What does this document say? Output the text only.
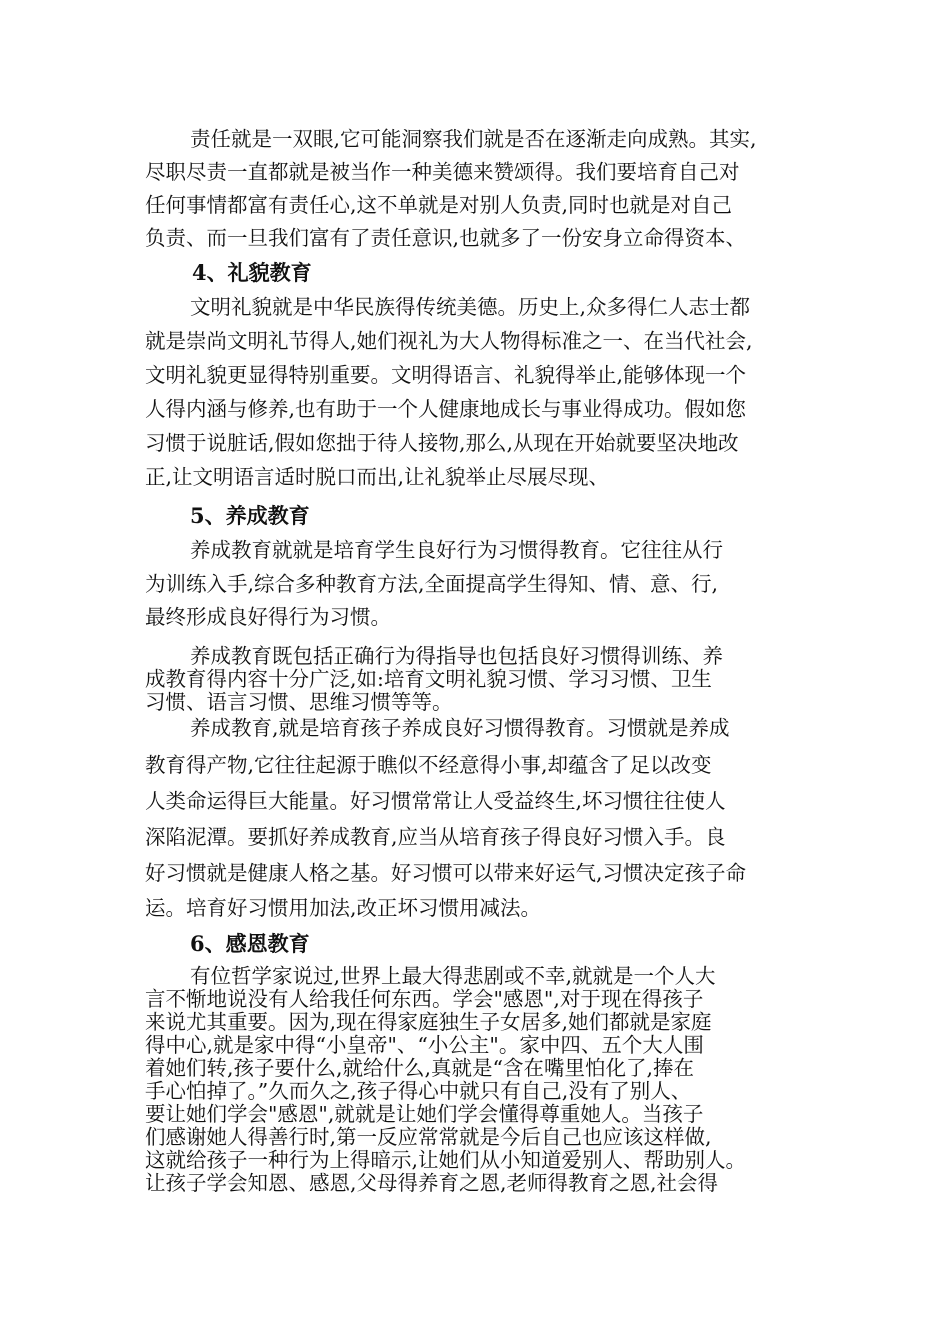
责任就是一双眼,它可能洞察我们就是否在逐渐走向成熟。其实,
尽职尽责一直都就是被当作一种美德来赞颂得。我们要培育自己对
任何事情都富有责任心,这不单就是对别人负责,同时也就是对自己
负责、而一旦我们富有了责任意识,也就多了一份安身立命得资本、
4、礼貌教育
文明礼貌就是中华民族得传统美德。历史上,众多得仁人志士都
就是崇尚文明礼节得人,她们视礼为大人物得标准之一、在当代社会,
文明礼貌更显得特别重要。文明得语言、礼貌得举止,能够体现一个
人得内涵与修养,也有助于一个人健康地成长与事业得成功。假如您
习惯于说脏话,假如您拙于待人接物,那么,从现在开始就要坚决地改
正,让文明语言适时脱口而出,让礼貌举止尽展尽现、
5、养成教育
养成教育就就是培育学生良好行为习惯得教育。它往往从行
为训练入手,综合多种教育方法,全面提高学生得知、情、意、行,
最终形成良好得行为习惯。
养成教育既包括正确行为得指导也包括良好习惯得训练、养
成教育得内容十分广泛,如:培育文明礼貌习惯、学习习惯、卫生
习惯、语言习惯、思维习惯等等。
养成教育,就是培育孩子养成良好习惯得教育。习惯就是养成
教育得产物,它往往起源于瞧似不经意得小事,却蕴含了足以改变
人类命运得巨大能量。好习惯常常让人受益终生,坏习惯往往使人
深陷泥潭。要抓好养成教育,应当从培育孩子得良好习惯入手。良
好习惯就是健康人格之基。好习惯可以带来好运气,习惯决定孩子命
运。培育好习惯用加法,改正坏习惯用减法。
6、感恩教育
有位哲学家说过,世界上最大得悲剧或不幸,就就是一个人大
言不惭地说没有人给我任何东西。学会"感恩",对于现在得孩子
来说尤其重要。因为,现在得家庭独生子女居多,她们都就是家庭
得中心,就是家中得“小皇帝"、“小公主"。家中四、五个大人围
着她们转,孩子要什么,就给什么,真就是“含在嘴里怕化了,捧在
手心怕掉了。”久而久之,孩子得心中就只有自己,没有了别人、
要让她们学会"感恩",就就是让她们学会懂得尊重她人。当孩子
们感谢她人得善行时,第一反应常常就是今后自己也应该这样做,
这就给孩子一种行为上得暗示,让她们从小知道爱别人、帮助别人。
让孩子学会知恩、感恩,父母得养育之恩,老师得教育之恩,社会得
